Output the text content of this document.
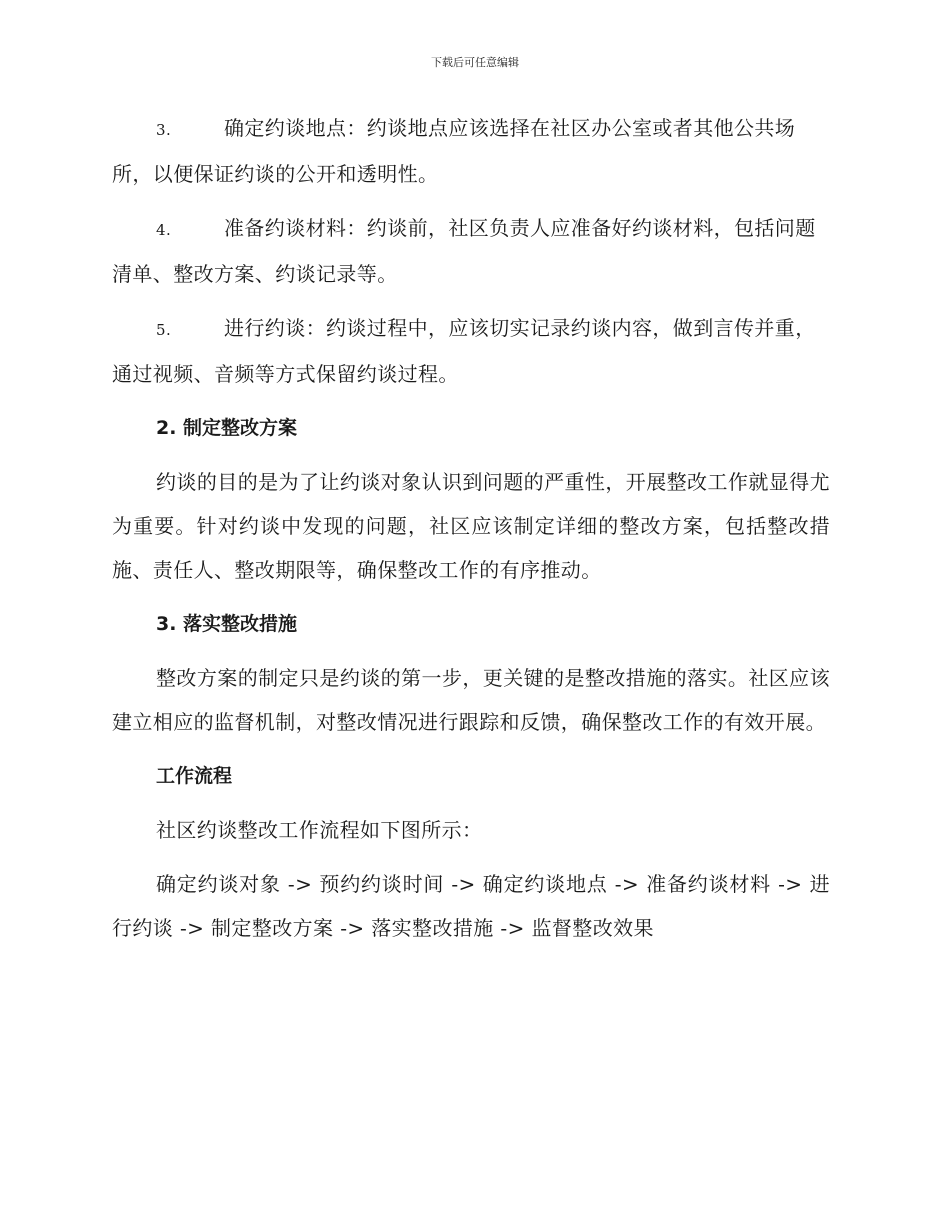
下载后可任意编辑
3.	确定约谈地点：约谈地点应该选择在社区办公室或者其他公共场所，以便保证约谈的公开和透明性。
4.	准备约谈材料：约谈前，社区负责人应准备好约谈材料，包括问题清单、整改方案、约谈记录等。
5.	进行约谈：约谈过程中，应该切实记录约谈内容，做到言传并重，通过视频、音频等方式保留约谈过程。
2. 制定整改方案

约谈的目的是为了让约谈对象认识到问题的严重性，开展整改工作就显得尤为重要。针对约谈中发现的问题，社区应该制定详细的整改方案，包括整改措施、责任人、整改期限等，确保整改工作的有序推动。

3. 落实整改措施

整改方案的制定只是约谈的第一步，更关键的是整改措施的落实。社区应该建立相应的监督机制，对整改情况进行跟踪和反馈，确保整改工作的有效开展。

工作流程

社区约谈整改工作流程如下图所示：

确定约谈对象 -> 预约约谈时间 -> 确定约谈地点 -> 准备约谈材料 -> 进行约谈 -> 制定整改方案 -> 落实整改措施 -> 监督整改效果
